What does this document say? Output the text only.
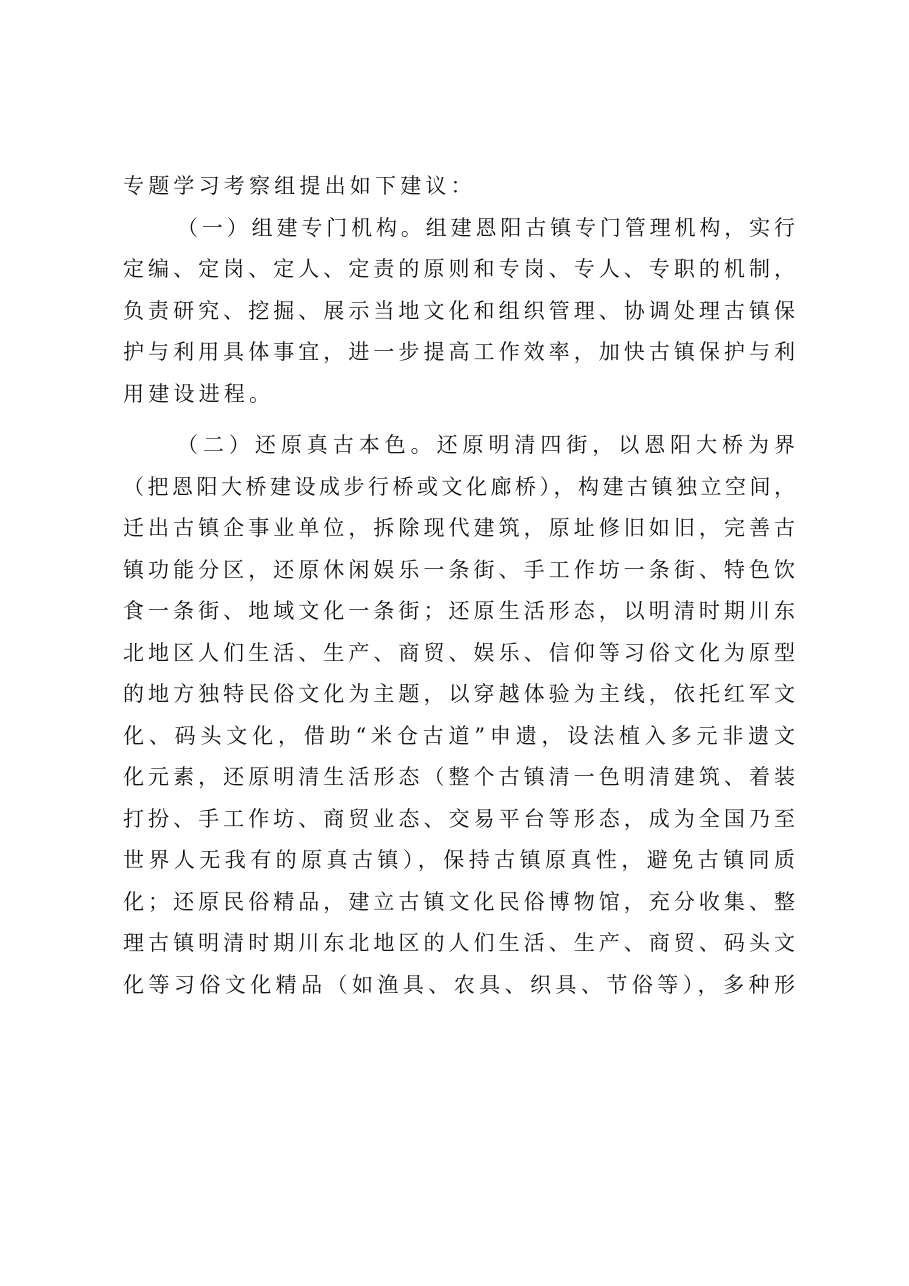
专题学习考察组提出如下建议：
（一）组建专门机构。组建恩阳古镇专门管理机构，实行
定编、定岗、定人、定责的原则和专岗、专人、专职的机制，
负责研究、挖掘、展示当地文化和组织管理、协调处理古镇保
护与利用具体事宜，进一步提高工作效率，加快古镇保护与利
用建设进程。
（二）还原真古本色。还原明清四街，以恩阳大桥为界
（把恩阳大桥建设成步行桥或文化廊桥），构建古镇独立空间，
迁出古镇企事业单位，拆除现代建筑，原址修旧如旧，完善古
镇功能分区，还原休闲娱乐一条街、手工作坊一条街、特色饮
食一条街、地域文化一条街；还原生活形态，以明清时期川东
北地区人们生活、生产、商贸、娱乐、信仰等习俗文化为原型
的地方独特民俗文化为主题，以穿越体验为主线，依托红军文
化、码头文化，借助“米仓古道”申遗，设法植入多元非遗文
化元素，还原明清生活形态（整个古镇清一色明清建筑、着装
打扮、手工作坊、商贸业态、交易平台等形态，成为全国乃至
世界人无我有的原真古镇），保持古镇原真性，避免古镇同质
化；还原民俗精品，建立古镇文化民俗博物馆，充分收集、整
理古镇明清时期川东北地区的人们生活、生产、商贸、码头文
化等习俗文化精品（如渔具、农具、织具、节俗等），多种形
